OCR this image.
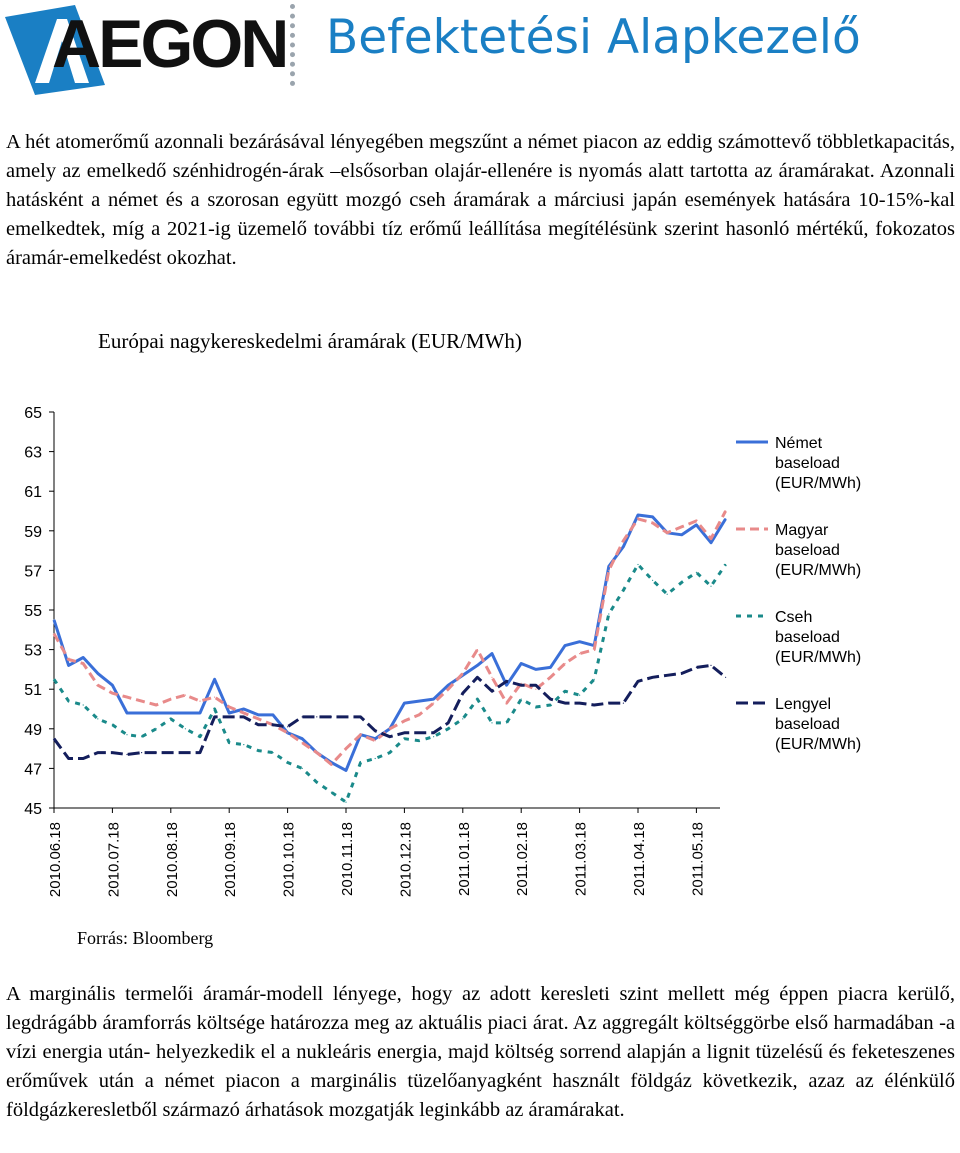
AEGON Befektetési Alapkezelő

A hét atomerőmű azonnali bezárásával lényegében megszűnt a német piacon az eddig számottevő többletkapacitás, amely az emelkedő szénhidrogén-árak –elsősorban olajár-ellenére is nyomás alatt tartotta az áramárakat. Azonnali hatásként a német és a szorosan együtt mozgó cseh áramárak a márciusi japán események hatására 10-15%-kal emelkedtek, míg a 2021-ig üzemelő további tíz erőmű leállítása megítélésünk szerint hasonló mértékű, fokozatos áramár-emelkedést okozhat.

Európai nagykereskedelmi áramárak (EUR/MWh)
45
47
49
51
53
55
57
59
61
63
65
2010.06.18	2010.07.18	2010.08.18	2010.09.18	2010.10.18	2010.11.18	2010.12.18	2011.01.18	2011.02.18	2011.03.18	2011.04.18	2011.05.18
Német
baseload
(EUR/MWh)
Magyar
baseload
(EUR/MWh)
Cseh
baseload
(EUR/MWh)
Lengyel
baseload
(EUR/MWh)
Forrás: Bloomberg

A marginális termelői áramár-modell lényege, hogy az adott keresleti szint mellett még éppen piacra kerülő, legdrágább áramforrás költsége határozza meg az aktuális piaci árat. Az aggregált költséggörbe első harmadában -a vízi energia után- helyezkedik el a nukleáris energia, majd költség sorrend alapján a lignit tüzelésű és feketeszenes erőművek után a német piacon a marginális tüzelőanyagként használt földgáz következik, azaz az élénkülő földgázkeresletből származó árhatások mozgatják leginkább az áramárakat.
